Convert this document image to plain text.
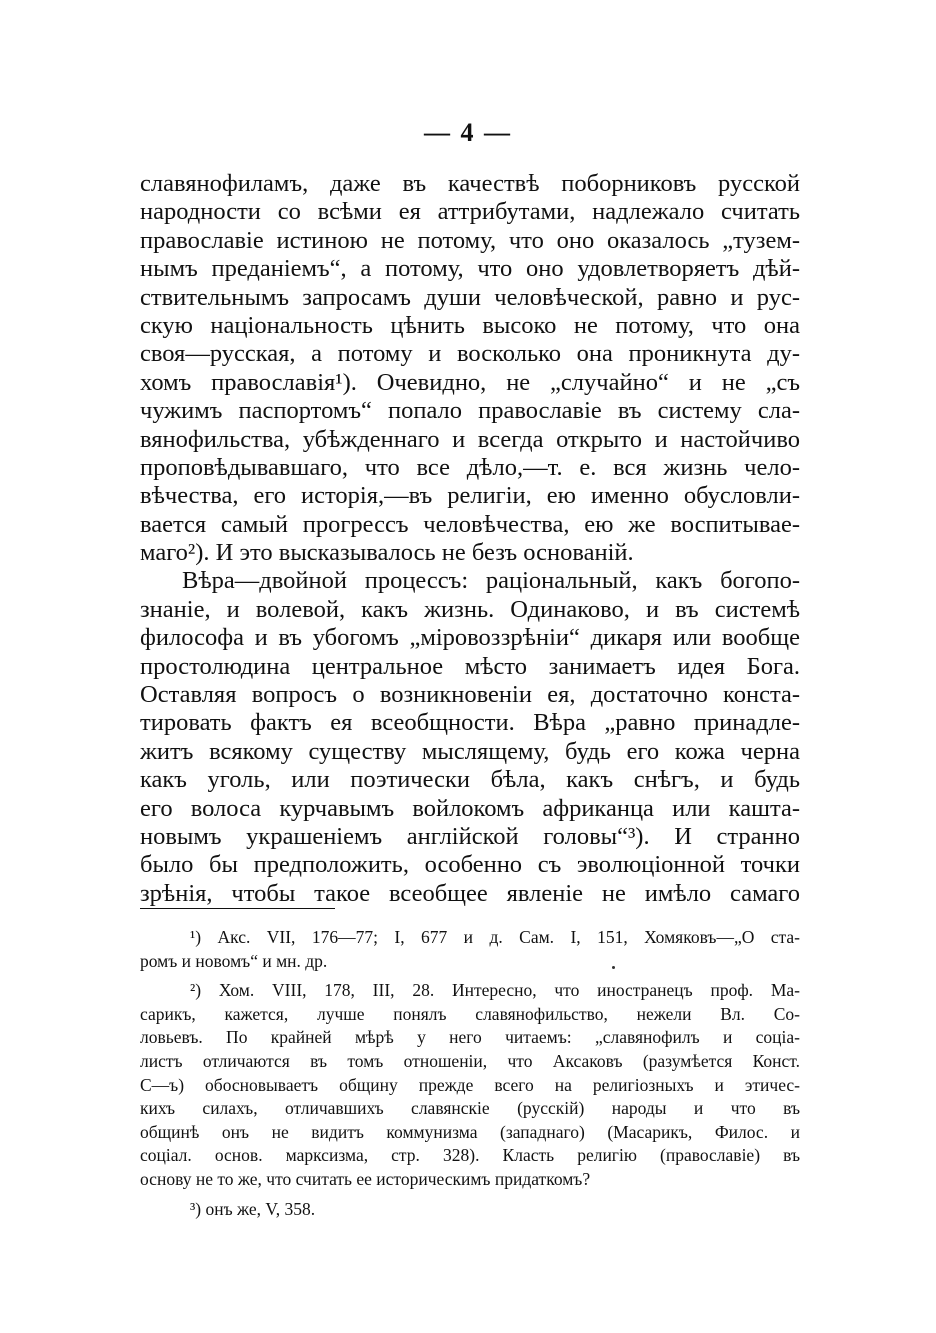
— 4 —
славянофиламъ, даже въ качествѣ поборниковъ русской
народности со всѣми ея аттрибутами, надлежало считать
православіе истиною не потому, что оно оказалось „тузем-
нымъ преданіемъ“, а потому, что оно удовлетворяетъ дѣй-
ствительнымъ запросамъ души человѣческой, равно и рус-
скую національность цѣнить высоко не потому, что она
своя—русская, а потому и восколько она проникнута ду-
хомъ православія¹). Очевидно, не „случайно“ и не „съ
чужимъ паспортомъ“ попало православіе въ систему сла-
вянофильства, убѣжденнаго и всегда открыто и настойчиво
проповѣдывавшаго, что все дѣло,—т. е. вся жизнь чело-
вѣчества, его исторія,—въ религіи, ею именно обусловли-
вается самый прогрессъ человѣчества, ею же воспитывае-
маго²). И это высказывалось не безъ основаній.
Вѣра—двойной процессъ: раціональный, какъ богопо-
знаніе, и волевой, какъ жизнь. Одинаково, и въ системѣ
философа и въ убогомъ „міровоззрѣніи“ дикаря или вообще
простолюдина центральное мѣсто занимаетъ идея Бога.
Оставляя вопросъ о возникновеніи ея, достаточно конста-
тировать фактъ ея всеобщности. Вѣра „равно принадле-
житъ всякому существу мыслящему, будь его кожа черна
какъ уголь, или поэтически бѣла, какъ снѣгъ, и будь
его волоса курчавымъ войлокомъ африканца или кашта-
новымъ украшеніемъ англійской головы“³). И странно
было бы предположить, особенно съ эволюціонной точки
зрѣнія, чтобы такое всеобщее явленіе не имѣло самаго
¹) Акс. VII, 176—77; I, 677 и д. Сам. I, 151, Хомяковъ—„О ста-
ромъ и новомъ“ и мн. др.
²) Хом. VIII, 178, III, 28. Интересно, что иностранецъ проф. Ма-
сарикъ, кажется, лучше понялъ славянофильство, нежели Вл. Со-
ловьевъ. По крайней мѣрѣ у него читаемъ: „славянофилъ и соціа-
листъ отличаются въ томъ отношеніи, что Аксаковъ (разумѣется Конст.
С—ъ) обосновываетъ общину прежде всего на религіозныхъ и этичес-
кихъ силахъ, отличавшихъ славянскіе (русскій) народы и что въ
общинѣ онъ не видитъ коммунизма (западнаго) (Масарикъ, Филос. и
соціал. основ. марксизма, стр. 328). Класть религію (православіе) въ
основу не то же, что считать ее историческимъ придаткомъ?
³) онъ же, V, 358.
